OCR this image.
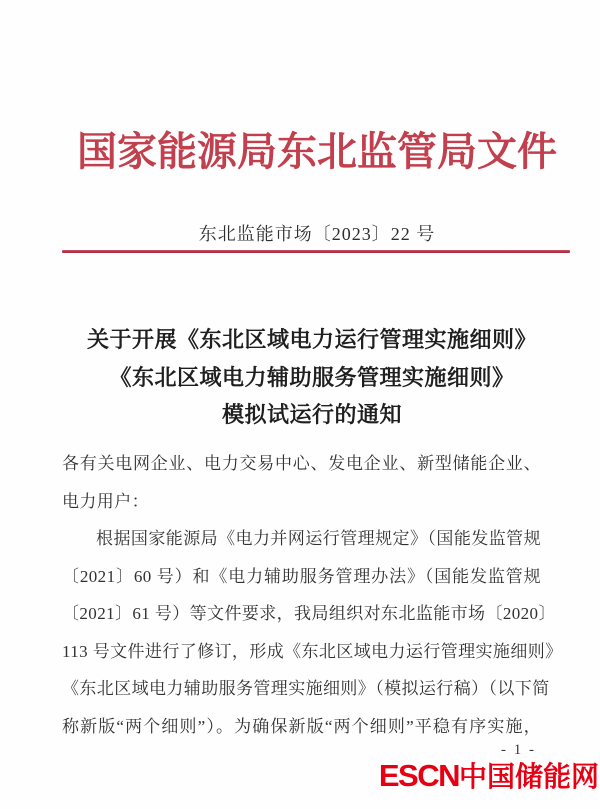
国家能源局东北监管局文件
东北监能市场〔2023〕22 号
关于开展《东北区域电力运行管理实施细则》
《东北区域电力辅助服务管理实施细则》
模拟试运行的通知
各有关电网企业、电力交易中心、发电企业、新型储能企业、
电力用户：
根据国家能源局《电力并网运行管理规定》（国能发监管规
〔2021〕60 号）和《电力辅助服务管理办法》（国能发监管规
〔2021〕61 号）等文件要求，我局组织对东北监能市场〔2020〕
113 号文件进行了修订，形成《东北区域电力运行管理实施细则》
《东北区域电力辅助服务管理实施细则》（模拟运行稿）（以下简
称新版“两个细则”）。为确保新版“两个细则”平稳有序实施，
- 1 -
ESCN中国储能网
